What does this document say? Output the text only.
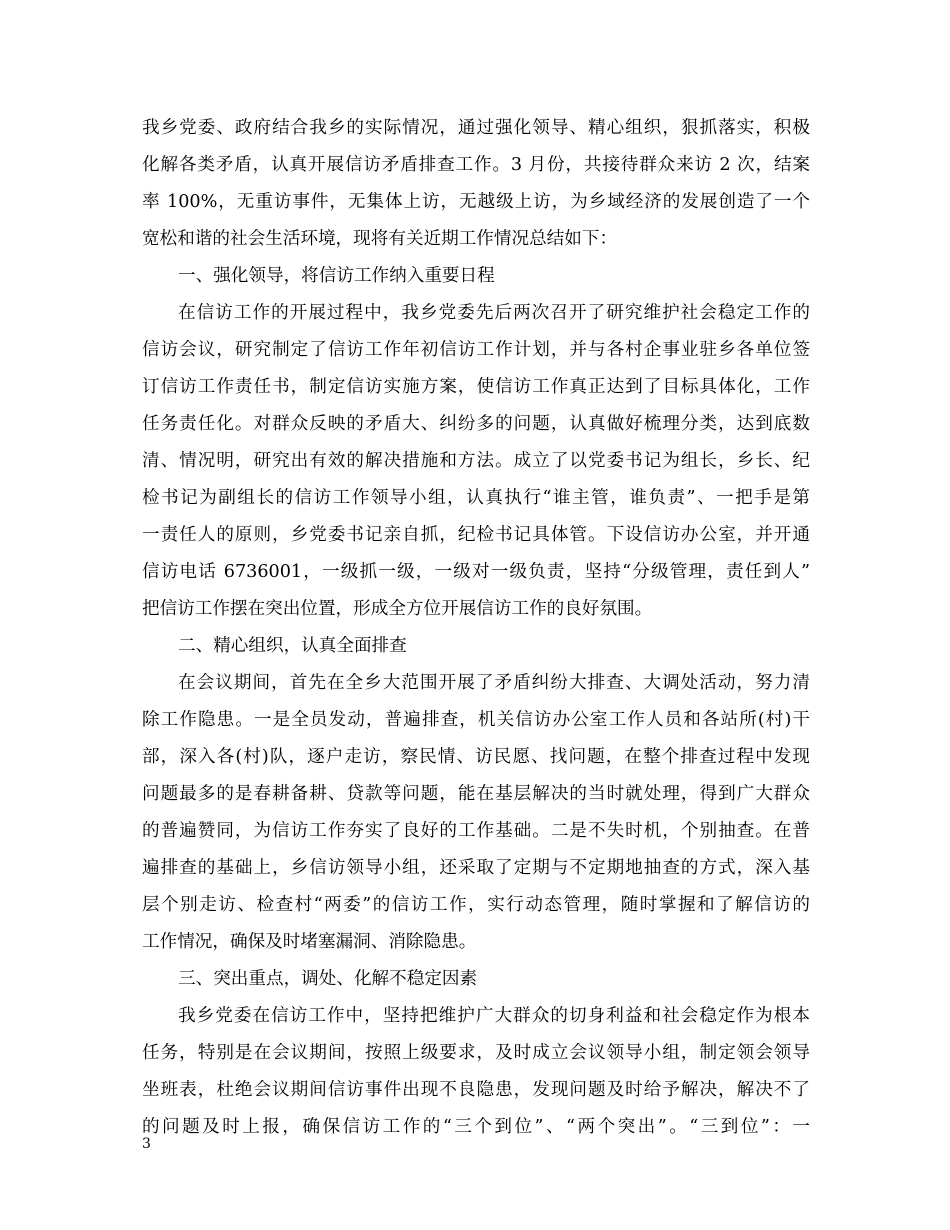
我乡党委、政府结合我乡的实际情况，通过强化领导、精心组织，狠抓落实，积极
化解各类矛盾，认真开展信访矛盾排查工作。3 月份，共接待群众来访 2 次，结案
率 100%，无重访事件，无集体上访，无越级上访，为乡域经济的发展创造了一个
宽松和谐的社会生活环境，现将有关近期工作情况总结如下：
一、强化领导，将信访工作纳入重要日程
在信访工作的开展过程中，我乡党委先后两次召开了研究维护社会稳定工作的
信访会议，研究制定了信访工作年初信访工作计划，并与各村企事业驻乡各单位签
订信访工作责任书，制定信访实施方案，使信访工作真正达到了目标具体化，工作
任务责任化。对群众反映的矛盾大、纠纷多的问题，认真做好梳理分类，达到底数
清、情况明，研究出有效的解决措施和方法。成立了以党委书记为组长，乡长、纪
检书记为副组长的信访工作领导小组，认真执行“谁主管，谁负责”、一把手是第
一责任人的原则，乡党委书记亲自抓，纪检书记具体管。下设信访办公室，并开通
信访电话 6736001，一级抓一级，一级对一级负责，坚持“分级管理，责任到人”
把信访工作摆在突出位置，形成全方位开展信访工作的良好氛围。
二、精心组织，认真全面排查
在会议期间，首先在全乡大范围开展了矛盾纠纷大排查、大调处活动，努力清
除工作隐患。一是全员发动，普遍排查，机关信访办公室工作人员和各站所(村)干
部，深入各(村)队，逐户走访，察民情、访民愿、找问题，在整个排查过程中发现
问题最多的是春耕备耕、贷款等问题，能在基层解决的当时就处理，得到广大群众
的普遍赞同，为信访工作夯实了良好的工作基础。二是不失时机，个别抽查。在普
遍排查的基础上，乡信访领导小组，还采取了定期与不定期地抽查的方式，深入基
层个别走访、检查村“两委”的信访工作，实行动态管理，随时掌握和了解信访的
工作情况，确保及时堵塞漏洞、消除隐患。
三、突出重点，调处、化解不稳定因素
我乡党委在信访工作中，坚持把维护广大群众的切身利益和社会稳定作为根本
任务，特别是在会议期间，按照上级要求，及时成立会议领导小组，制定领会领导
坐班表，杜绝会议期间信访事件出现不良隐患，发现问题及时给予解决，解决不了
的问题及时上报，确保信访工作的“三个到位”、“两个突出”。“三到位”：一
3
